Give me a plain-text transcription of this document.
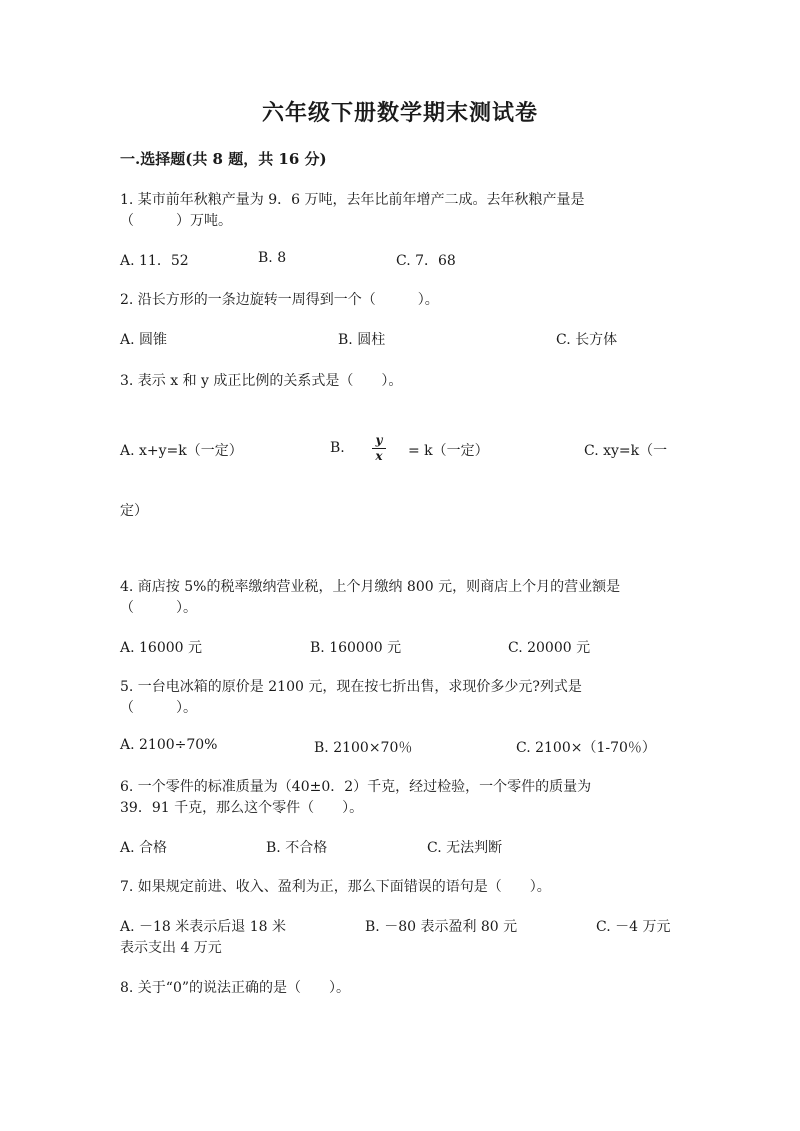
六年级下册数学期末测试卷
一.选择题(共 8 题，共 16 分)
1. 某市前年秋粮产量为 9．6 万吨，去年比前年增产二成。去年秋粮产量是
（　　　）万吨。
A. 11．52	B. 8	C. 7．68
2. 沿长方形的一条边旋转一周得到一个（　　　）。
A. 圆锥	B. 圆柱	C. 长方体
3. 表示 x 和 y 成正比例的关系式是（　　）。
A. x+y=k（一定）	B.	y
x = k（一定）	C. xy=k（一
定）
4. 商店按 5%的税率缴纳营业税，上个月缴纳 800 元，则商店上个月的营业额是
（　　　）。
A. 16000 元	B. 160000 元	C. 20000 元
5. 一台电冰箱的原价是 2100 元，现在按七折出售，求现价多少元?列式是
（　　　）。
A. 2100÷70%	B. 2100×70％	C. 2100×（1-70％）
6. 一个零件的标准质量为（40±0．2）千克，经过检验，一个零件的质量为
39．91 千克，那么这个零件（　　）。
A. 合格	B. 不合格	C. 无法判断
7. 如果规定前进、收入、盈利为正，那么下面错误的语句是（　　）。
A. －18 米表示后退 18 米	B. －80 表示盈利 80 元	C. －4 万元
表示支出 4 万元
8. 关于“0”的说法正确的是（　　）。
